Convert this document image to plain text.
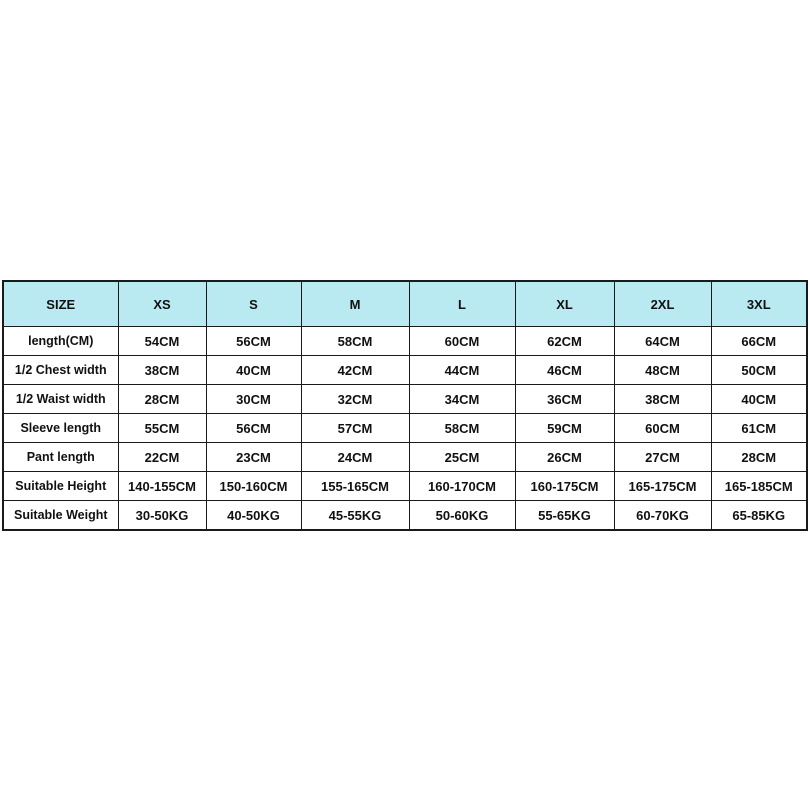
SIZE	XS	S	M	L	XL	2XL	3XL
length(CM)	54CM	56CM	58CM	60CM	62CM	64CM	66CM
1/2 Chest width	38CM	40CM	42CM	44CM	46CM	48CM	50CM
1/2 Waist width	28CM	30CM	32CM	34CM	36CM	38CM	40CM
Sleeve length	55CM	56CM	57CM	58CM	59CM	60CM	61CM
Pant length	22CM	23CM	24CM	25CM	26CM	27CM	28CM
Suitable Height	140-155CM	150-160CM	155-165CM	160-170CM	160-175CM	165-175CM	165-185CM
Suitable Weight	30-50KG	40-50KG	45-55KG	50-60KG	55-65KG	60-70KG	65-85KG
